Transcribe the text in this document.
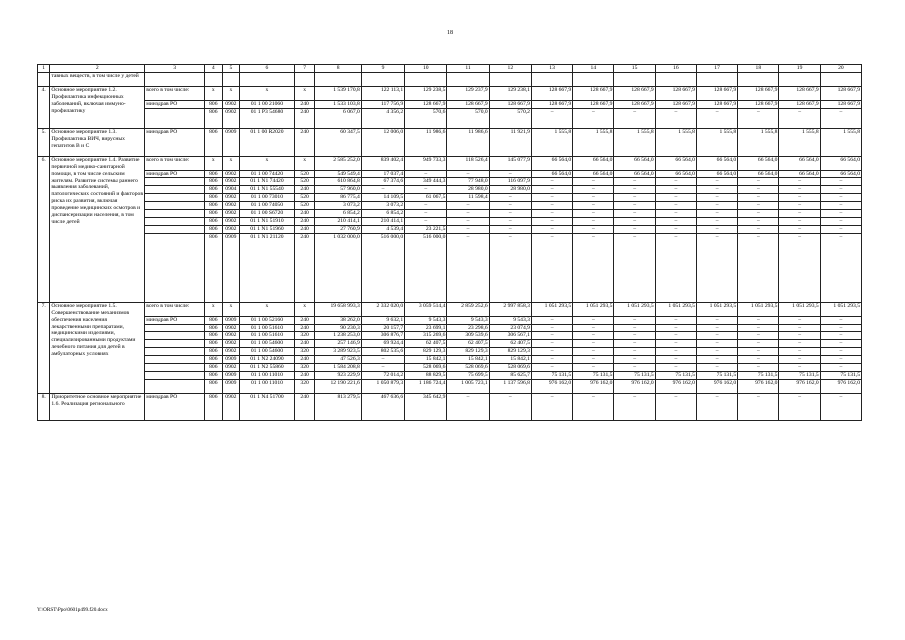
18
1	2	3	4	5	6	7	8	9	10	11	12	13	14	15	16	17	18	19	20
	тавных веществ, в том числе у детей																		
4.	Основное мероприятие 1.2. Профилактика инфекционных заболеваний, включая иммуно-профилактику	всего в том числе:	х	х	х	х	1 539 170,8	122 113,1	129 238,5	129 237,9	129 238,1	128 667,9	128 667,9	128 667,9	128 667,9	128 667,9	128 667,9	128 667,9	128 667,9
		минздрав РО	806	0902	01 1 00 21060	240	1 533 103,8	117 756,9	128 667,9	128 667,9	128 667,9	128 667,9	128 667,9	128 667,9	128 667,9	128 667,9	128 667,9	128 667,9	128 667,9
			806	0902	01 1 Р3 54680	240	6 067,0	4 356,2	570,6	570,0	570,2	–	–	–	–	–	–	–	–
5.	Основное мероприятие 1.3. Профилактика ВИЧ, вирусных гепатитов В и С	минздрав РО	806	0909	01 1 00 R2020	240	60 347,5	12 006,0	11 986,6	11 986,6	11 921,9	1 555,8	1 555,8	1 555,8	1 555,8	1 555,8	1 555,8	1 555,8	1 555,8
6.	Основное мероприятие 1.4. Развитие первичной медико-санитарной помощи, в том числе сельским жителям. Развитие системы раннего выявления заболеваний, патологических состояний и факторов риска их развития, включая проведение медицинских осмотров и диспансеризации населения, в том числе детей	всего в том числе:	х	х	х	х	2 585 252,0	839 402,4	949 733,3	118 526,4	145 077,9	66 564,0	66 564,0	66 564,0	66 564,0	66 564,0	66 564,0	66 564,0	66 564,0
		минздрав РО	806	0902	01 1 00 74420	520	549 549,4	17 037,4	–	–	–	66 564,0	66 564,0	66 564,0	66 564,0	66 564,0	66 564,0	66 564,0	66 564,0
			806	0902	01 1 N1 74420	520	610 864,8	67 374,6	349 444,3	77 948,0	116 097,9	–	–	–	–	–	–	–	–
			806	0904	01 1 N1 55540	240	57 960,0	–	–	28 980,0	28 980,0	–	–	–	–	–	–	–	–
			806	0902	01 1 00 73010	520	86 775,4	14 109,5	61 067,5	11 598,4	–	–	–	–	–	–	–	–	–
			806	0902	01 1 00 74050	520	3 073,2	3 073,2	–	–	–	–	–	–	–	–	–	–	–
			806	0902	01 1 00 S6720	240	6 854,2	6 854,2	–	–	–	–	–	–	–	–	–	–	–
			806	0902	01 1 N1 51910	240	210 414,1	210 414,1	–	–	–	–	–	–	–	–	–	–	–
			806	0902	01 1 N1 51960	240	27 760,9	4 539,4	23 221,5	–	–	–	–	–	–	–	–	–	–
			806	0909	01 1 N1 21120	240	1 032 000,0	516 000,0	516 000,0	–	–	–	–	–	–	–	–	–	–
7.	Основное мероприятие 1.5. Совершенствование механизмов обеспечения населения лекарственными препаратами, медицинскими изделиями, специализированными продуктами лечебного питания для детей в амбулаторных условиях	всего в том числе:	х	х	х	х	19 658 993,3	2 332 020,0	3 059 514,4	2 859 252,6	2 997 858,3	1 051 293,5	1 051 293,5	1 051 293,5	1 051 293,5	1 051 293,5	1 051 293,5	1 051 293,5	1 051 293,5
		минздрав РО	806	0909	01 1 00 52160	240	38 262,0	9 632,1	9 543,3	9 543,3	9 543,3	–	–	–	–	–	–	–	–
			806	0902	01 1 00 51610	240	90 230,3	20 157,7	23 699,1	23 298,6	23 074,9	–	–	–	–	–	–	–	–
			806	0902	01 1 00 51610	320	1 238 253,0	306 876,7	315 269,6	309 539,6	306 567,1	–	–	–	–	–	–	–	–
			806	0902	01 1 00 54600	240	257 146,9	69 924,4	62 407,5	62 407,5	62 407,5	–	–	–	–	–	–	–	–
			806	0902	01 1 00 54600	320	3 289 923,5	802 535,6	829 129,3	829 129,3	829 129,3	–	–	–	–	–	–	–	–
			806	0909	01 1 N2 24090	240	47 526,3	–	15 842,1	15 842,1	15 842,1	–	–	–	–	–	–	–	–
			806	0902	01 1 N2 55860	320	1 584 208,8	–	528 069,6	528 069,6	528 069,6	–	–	–	–	–	–	–	–
			806	0909	01 1 00 11010	240	923 229,9	72 014,2	88 829,5	75 699,5	85 625,7	75 131,5	75 131,5	75 131,5	75 131,5	75 131,5	75 131,5	75 131,5	75 131,5
			806	0909	01 1 00 11010	320	12 190 221,6	1 050 879,3	1 186 724,4	1 005 723,1	1 137 596,8	976 162,0	976 162,0	976 162,0	976 162,0	976 162,0	976 162,0	976 162,0	976 162,0
8.	Приоритетное основное мероприятие 1.6. Реализация регионального	минздрав РО	806	0902	01 1 N4 51700	240	813 279,5	467 636,6	345 642,9	–	–	–	–	–	–	–	–	–	–
Y:\ORST\Ppo\0601p499.f20.docx
